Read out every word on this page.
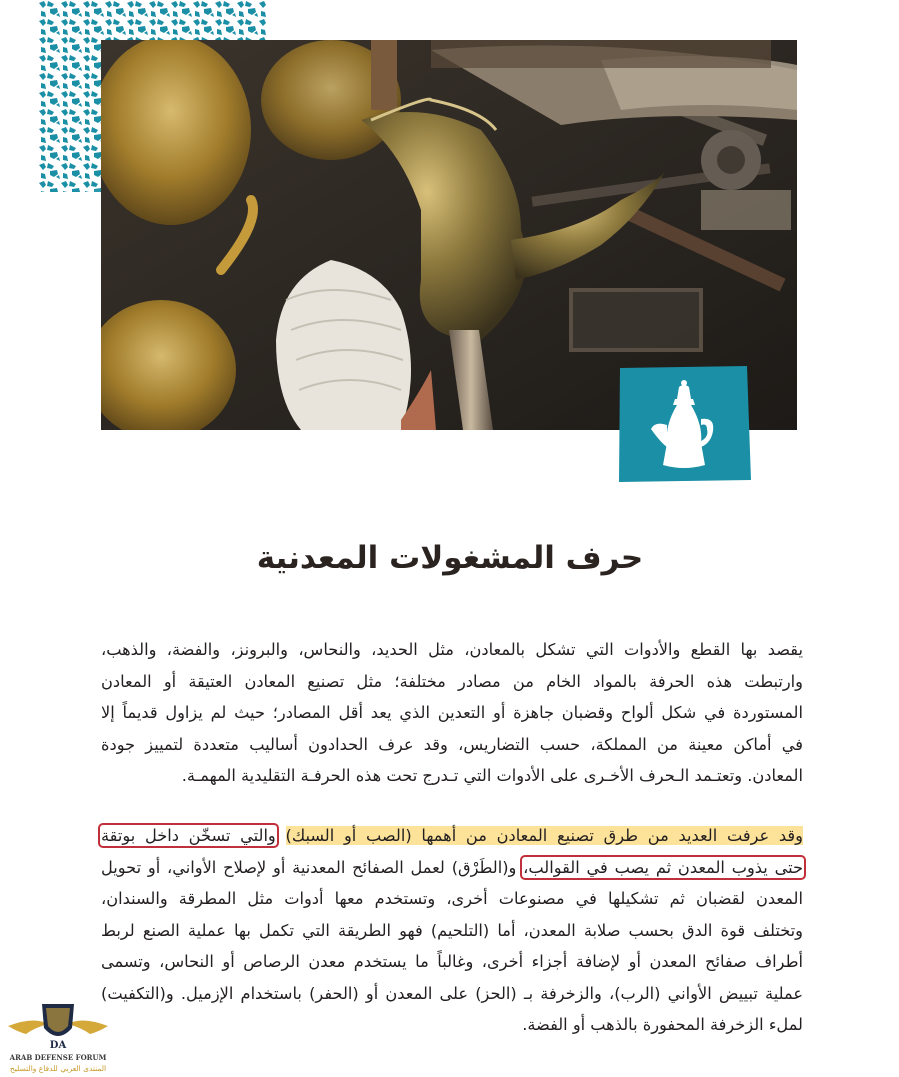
حرف المشغولات المعدنية
يقصد بها القطع والأدوات التي تشكل بالمعادن، مثل الحديد، والنحاس، والبرونز، والفضة، والذهب،
وارتبطت هذه الحرفة بالمواد الخام من مصادر مختلفة؛ مثل تصنيع المعادن العتيقة أو المعادن
المستوردة في شكل ألواح وقضبان جاهزة أو التعدين الذي يعد أقل المصادر؛ حيث لم يزاول قديماً إلا
في أماكن معينة من المملكة، حسب التضاريس، وقد عرف الحدادون أساليب متعددة لتمييز جودة
المعادن. وتعتـمد الـحرف الأخـرى على الأدوات التي تـدرج تحت هذه الحرفـة التقليدية المهمـة.
وقد عرفت العديد من طرق تصنيع المعادن من أهمها (الصب أو السبك) والتي تسخّن داخل بوتقة
حتى يذوب المعدن ثم يصب في القوالب، و(الطَرْق) لعمل الصفائح المعدنية أو لإصلاح الأواني، أو تحويل
المعدن لقضبان ثم تشكيلها في مصنوعات أخرى، وتستخدم معها أدوات مثل المطرقة والسندان،
وتختلف قوة الدق بحسب صلابة المعدن، أما (التلحيم) فهو الطريقة التي تكمل بها عملية الصنع لربط
أطراف صفائح المعدن أو لإضافة أجزاء أخرى، وغالباً ما يستخدم معدن الرصاص أو النحاس، وتسمى
عملية تبييض الأواني (الرب)، والزخرفة بـ (الحز) على المعدن أو (الحفر) باستخدام الإزميل. و(التكفيت)
لملء الزخرفة المحفورة بالذهب أو الفضة.
DA
ARAB DEFENSE FORUM
المنتدى العربي للدفاع والتسليح
